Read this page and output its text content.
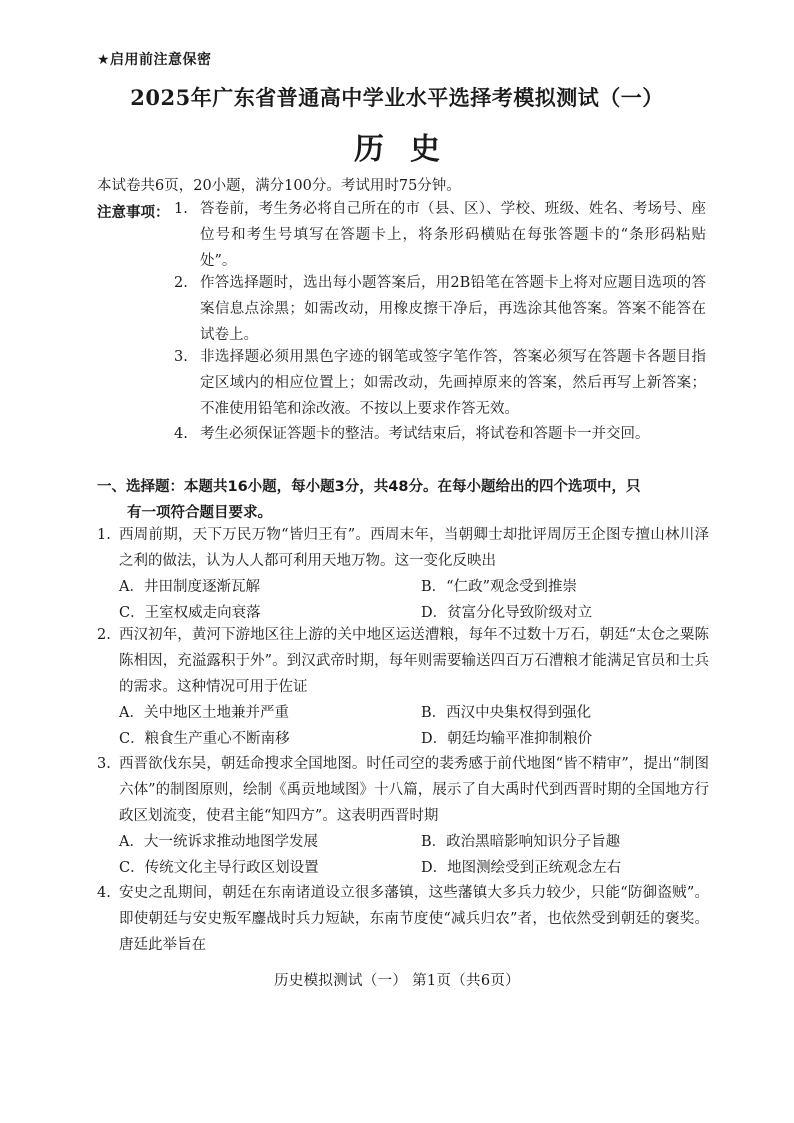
★启用前注意保密
2025年广东省普通高中学业水平选择考模拟测试（一）
历史
本试卷共6页，20小题，满分100分。考试用时75分钟。
注意事项： 1. 答卷前，考生务必将自己所在的市（县、区）、学校、班级、姓名、考场号、座位号和考生号填写在答题卡上，将条形码横贴在每张答题卡的“条形码粘贴处”。
2. 作答选择题时，选出每小题答案后，用2B铅笔在答题卡上将对应题目选项的答案信息点涂黑；如需改动，用橡皮擦干净后，再选涂其他答案。答案不能答在试卷上。
3. 非选择题必须用黑色字迹的钢笔或签字笔作答，答案必须写在答题卡各题目指定区域内的相应位置上；如需改动，先画掉原来的答案，然后再写上新答案；不准使用铅笔和涂改液。不按以上要求作答无效。
4. 考生必须保证答题卡的整洁。考试结束后，将试卷和答题卡一并交回。
一、选择题：本题共16小题，每小题3分，共48分。在每小题给出的四个选项中，只
有一项符合题目要求。
1. 西周前期，天下万民万物“皆归王有”。西周末年，当朝卿士却批评周厉王企图专擅山林川泽之利的做法，认为人人都可利用天地万物。这一变化反映出
A．井田制度逐渐瓦解	B．“仁政”观念受到推崇
C．王室权威走向衰落	D．贫富分化导致阶级对立
2. 西汉初年，黄河下游地区往上游的关中地区运送漕粮，每年不过数十万石，朝廷“太仓之粟陈陈相因，充溢露积于外”。到汉武帝时期，每年则需要输送四百万石漕粮才能满足官员和士兵的需求。这种情况可用于佐证
A．关中地区土地兼并严重	B．西汉中央集权得到强化
C．粮食生产重心不断南移	D．朝廷均输平准抑制粮价
3. 西晋欲伐东吴，朝廷命搜求全国地图。时任司空的裴秀感于前代地图“皆不精审”，提出“制图六体”的制图原则，绘制《禹贡地域图》十八篇，展示了自大禹时代到西晋时期的全国地方行政区划流变，使君主能“知四方”。这表明西晋时期
A．大一统诉求推动地图学发展	B．政治黑暗影响知识分子旨趣
C．传统文化主导行政区划设置	D．地图测绘受到正统观念左右
4. 安史之乱期间，朝廷在东南诸道设立很多藩镇，这些藩镇大多兵力较少，只能“防御盗贼”。即使朝廷与安史叛军鏖战时兵力短缺，东南节度使“减兵归农”者，也依然受到朝廷的褒奖。唐廷此举旨在
历史模拟测试（一） 第1页（共6页）
